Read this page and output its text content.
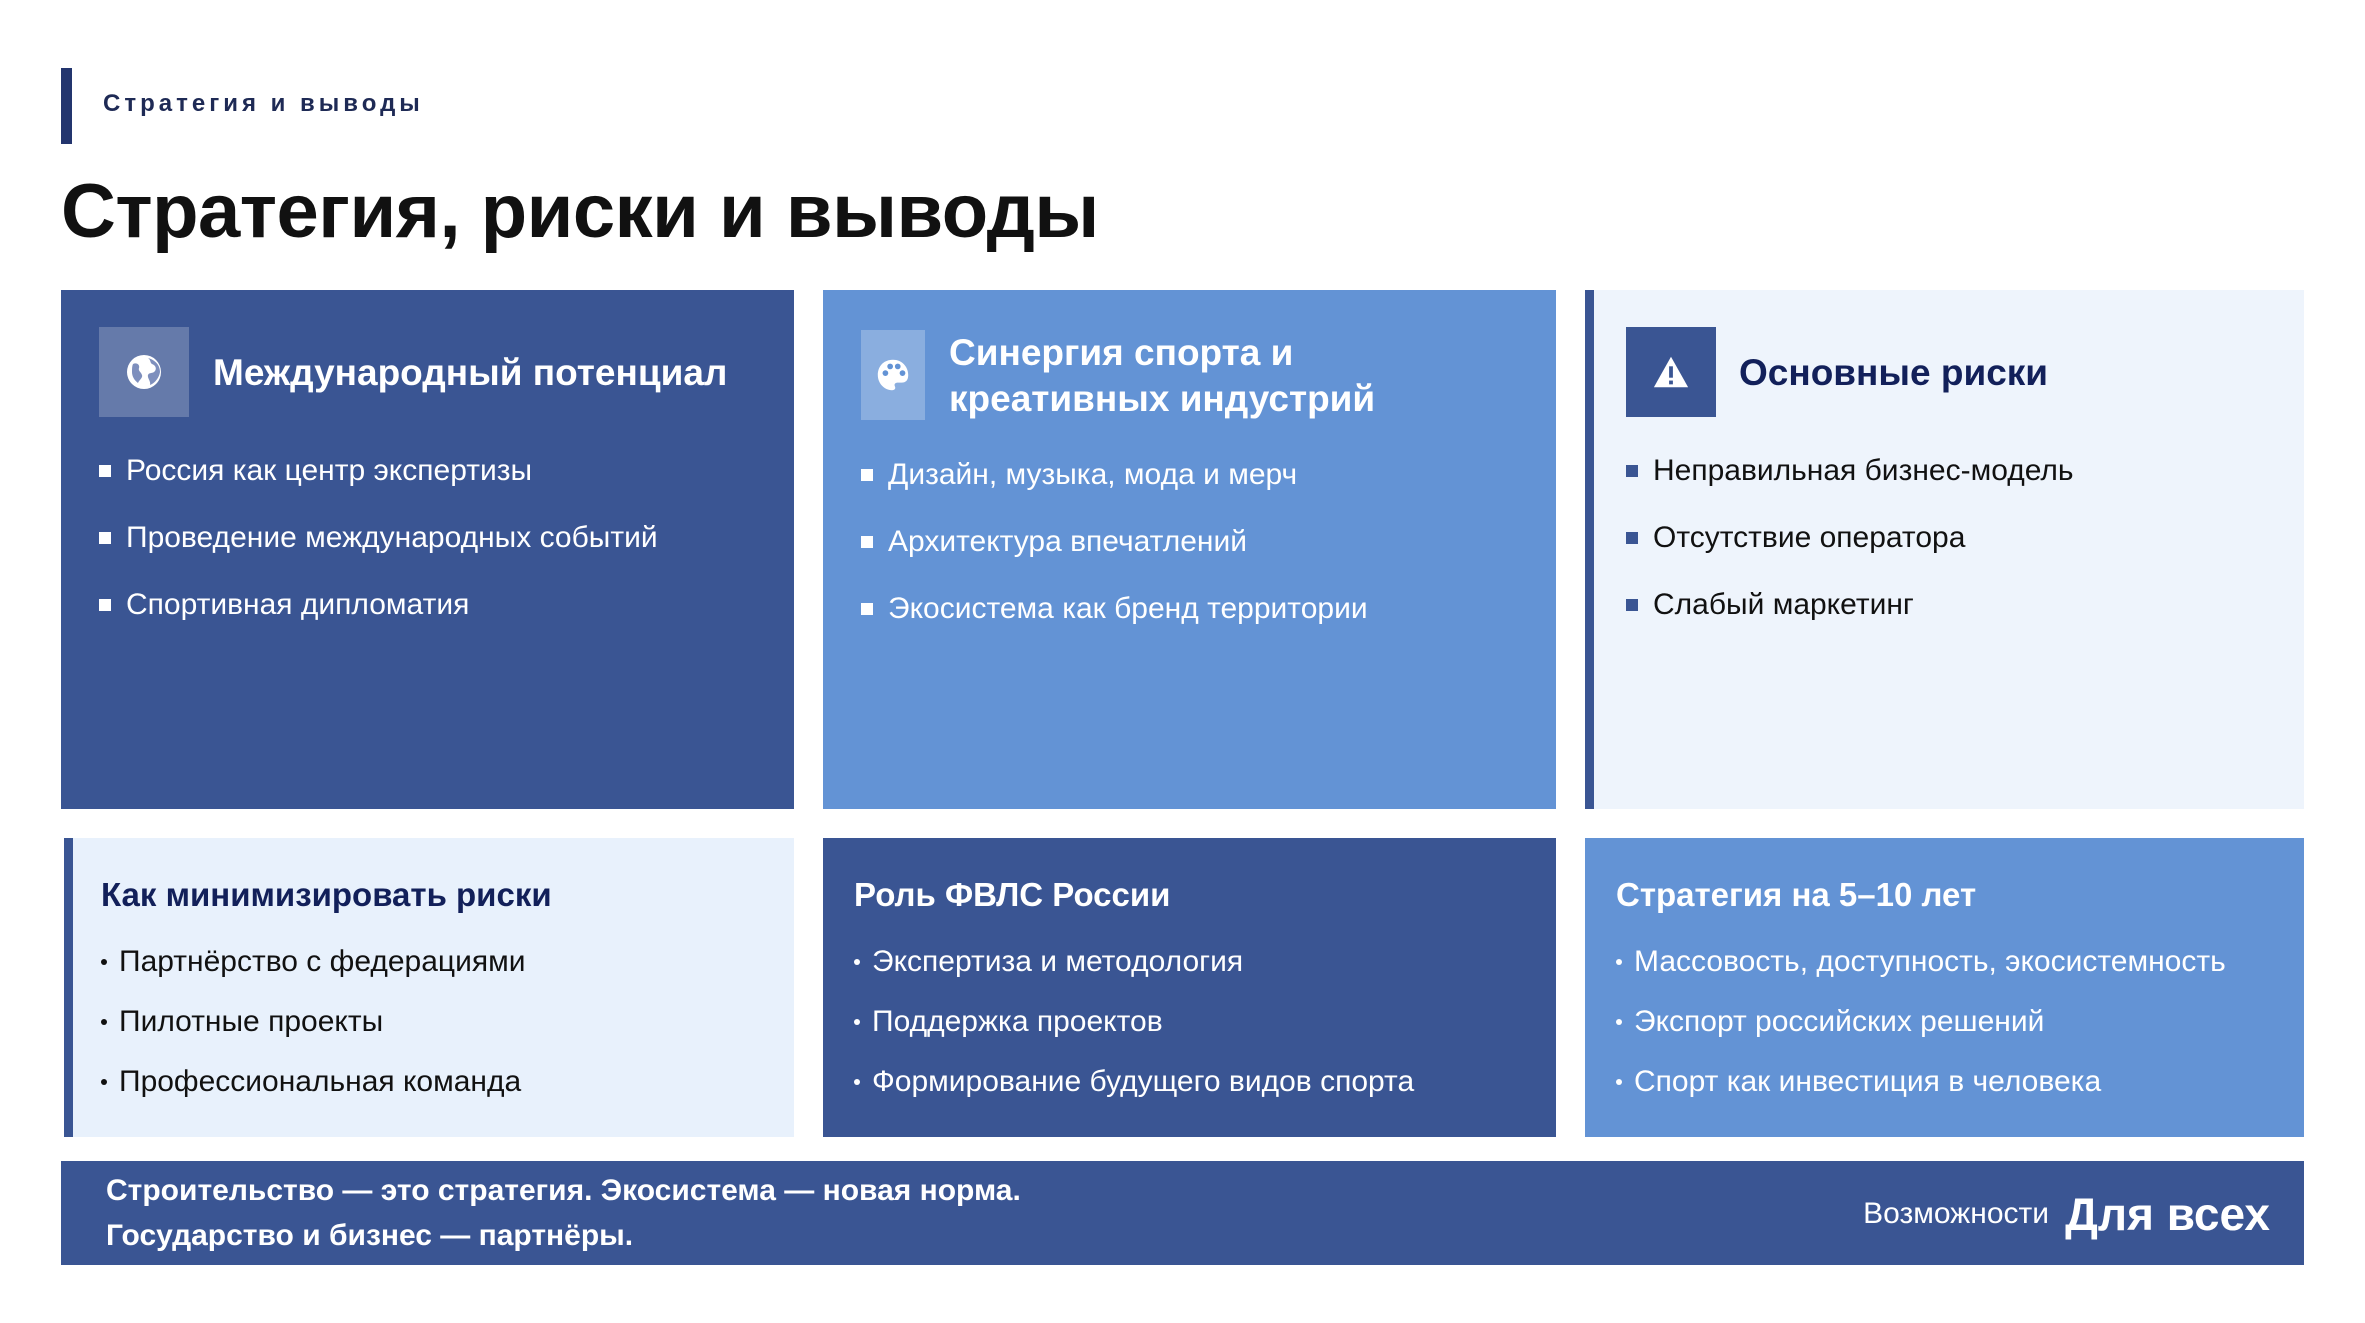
Стратегия и выводы
Стратегия, риски и выводы
Международный потенциал
Россия как центр экспертизы
Проведение международных событий
Спортивная дипломатия
Синергия спорта и
креативных индустрий
Дизайн, музыка, мода и мерч
Архитектура впечатлений
Экосистема как бренд территории
Основные риски
Неправильная бизнес-модель
Отсутствие оператора
Слабый маркетинг
Как минимизировать риски
Партнёрство с федерациями
Пилотные проекты
Профессиональная команда
Роль ФВЛС России
Экспертиза и методология
Поддержка проектов
Формирование будущего видов спорта
Стратегия на 5–10 лет
Массовость, доступность, экосистемность
Экспорт российских решений
Спорт как инвестиция в человека
Строительство — это стратегия. Экосистема — новая норма.
Государство и бизнес — партнёры.
Возможности Для всех
